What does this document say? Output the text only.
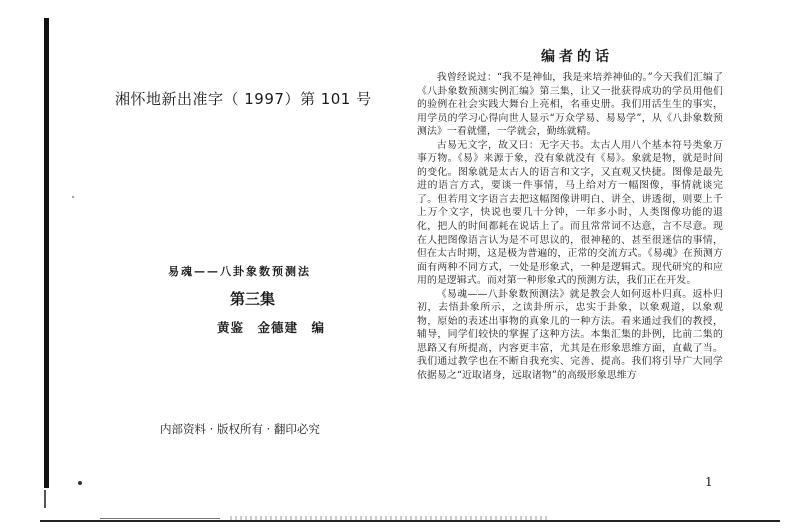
湘怀地新出准字（ 1997）第 101 号
易魂——八卦象数预测法
第三集
黄鉴　金德建　编
内部资料 · 版权所有 · 翻印必究
编者的话

我曾经说过：“我不是神仙，我是来培养神仙的。”今天我们汇编了《八卦象数预测实例汇编》第三集，让又一批获得成功的学员用他们的验例在社会实践大舞台上亮相，名垂史册。我们用活生生的事实，用学员的学习心得向世人显示“万众学易、易易学”，从《八卦象数预测法》一看就懂，一学就会，勤练就精。

古易无文字，故又曰：无字天书。太古人用八个基本符号类象万事万物。《易》来源于象，没有象就没有《易》。象就是物，就是时间的变化。图象就是太古人的语言和文字，又直观又快捷。图像是最先进的语言方式，要谈一件事情，马上给对方一幅图像，事情就谈完了。但若用文字语言去把这幅图像讲明白、讲全、讲透彻，则要上千上万个文字，快说也要几十分钟，一年多小时，人类图像功能的退化，把人的时间都耗在说话上了。而且常常词不达意，言不尽意。现在人把图像语言认为是不可思议的，很神秘的、甚至很迷信的事情，但在太古时期，这是极为普遍的，正常的交流方式。《易魂》在预测方面有两种不同方式，一处是形象式，一种是逻辑式。现代研究的和应用的是逻辑式。而对第一种形象式的预测方法，我们正在开发。

《易魂——八卦象数预测法》就是教会人如何返朴归真。返朴归初，去悟卦象所示，之读卦所示，忠实于卦象，以象观道，以象观物，原始的表述出事物的真象儿的一种方法。看来通过我们的教授，辅导，同学们较快的掌握了这种方法。本集汇集的卦例，比前二集的思路又有所提高，内容更丰富，尤其是在形象思维方面，直截了当。我们通过教学也在不断自我充实、完善、提高。我们将引导广大同学依据易之“近取诸身，远取诸物”的高级形象思维方

1
